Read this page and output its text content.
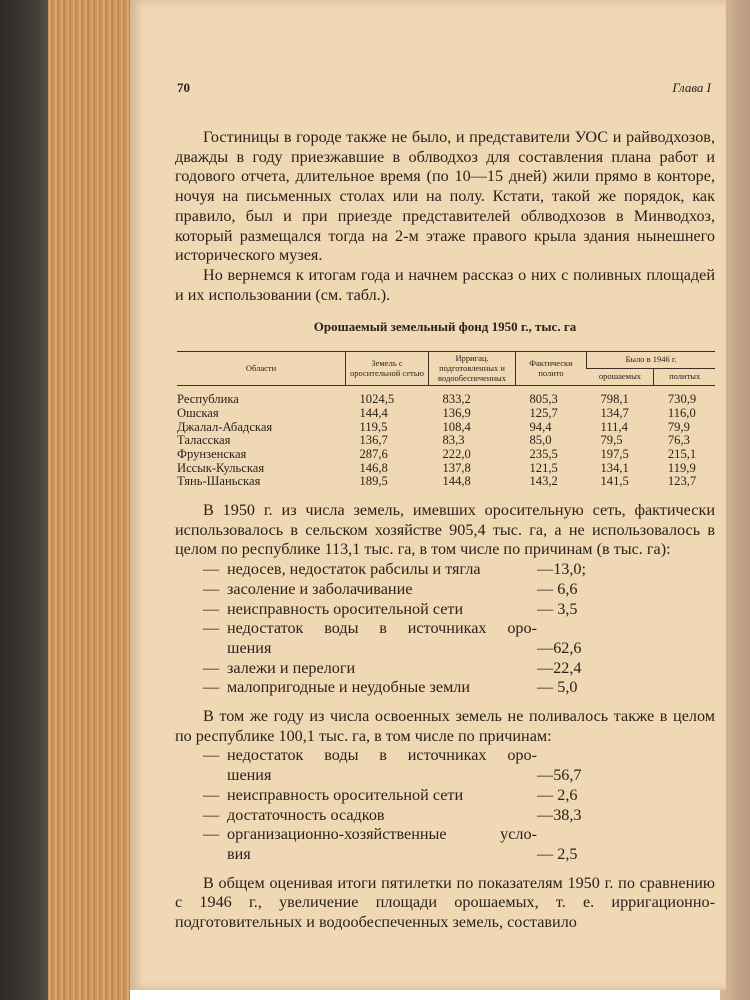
70	Глава I

Гостиницы в городе также не было, и представители УОС и райводхозов, дважды в году приезжавшие в облводхоз для составления плана работ и годового отчета, длительное время (по 10—15 дней) жили прямо в конторе, ночуя на письменных столах или на полу. Кстати, такой же порядок, как правило, был и при приезде представителей облводхозов в Минводхоз, который размещался тогда на 2-м этаже правого крыла здания нынешнего исторического музея.

Но вернемся к итогам года и начнем рассказ о них с поливных площадей и их использовании (см. табл.).

Орошаемый земельный фонд 1950 г., тыс. га
Области	Земель с оросительной сетью	Ирригац. подготовленных и водообеспеченных	Фактически полито	Было в 1946 г.	
				орошаемых	политых
Республика	1024,5	833,2	805,3	798,1	730,9
Ошская	144,4	136,9	125,7	134,7	116,0
Джалал-Абадская	119,5	108,4	94,4	111,4	79,9
Таласская	136,7	83,3	85,0	79,5	76,3
Фрунзенская	287,6	222,0	235,5	197,5	215,1
Иссык-Кульская	146,8	137,8	121,5	134,1	119,9
Тянь-Шаньская	189,5	144,8	143,2	141,5	123,7

В 1950 г. из числа земель, имевших оросительную сеть, фактически использовалось в сельском хозяйстве 905,4 тыс. га, а не использовалось в целом по республике 113,1 тыс. га, в том числе по причинам (в тыс. га):

— недосев, недостаток рабсилы и тягла	—13,0;
— засоление и заболачивание	— 6,6
— неисправность оросительной сети	— 3,5
— недостаток воды в источниках оро-
шения	—62,6
— залежи и перелоги	—22,4
— малопригодные и неудобные земли	— 5,0

В том же году из числа освоенных земель не поливалось также в целом по республике 100,1 тыс. га, в том числе по причинам:

— недостаток воды в источниках оро-
шения	—56,7
— неисправность оросительной сети	— 2,6
— достаточность осадков	—38,3
— организационно-хозяйственные усло-
вия	— 2,5

В общем оценивая итоги пятилетки по показателям 1950 г. по сравнению с 1946 г., увеличение площади орошаемых, т. е. ирригационно-подготовительных и водообеспеченных земель, составило
